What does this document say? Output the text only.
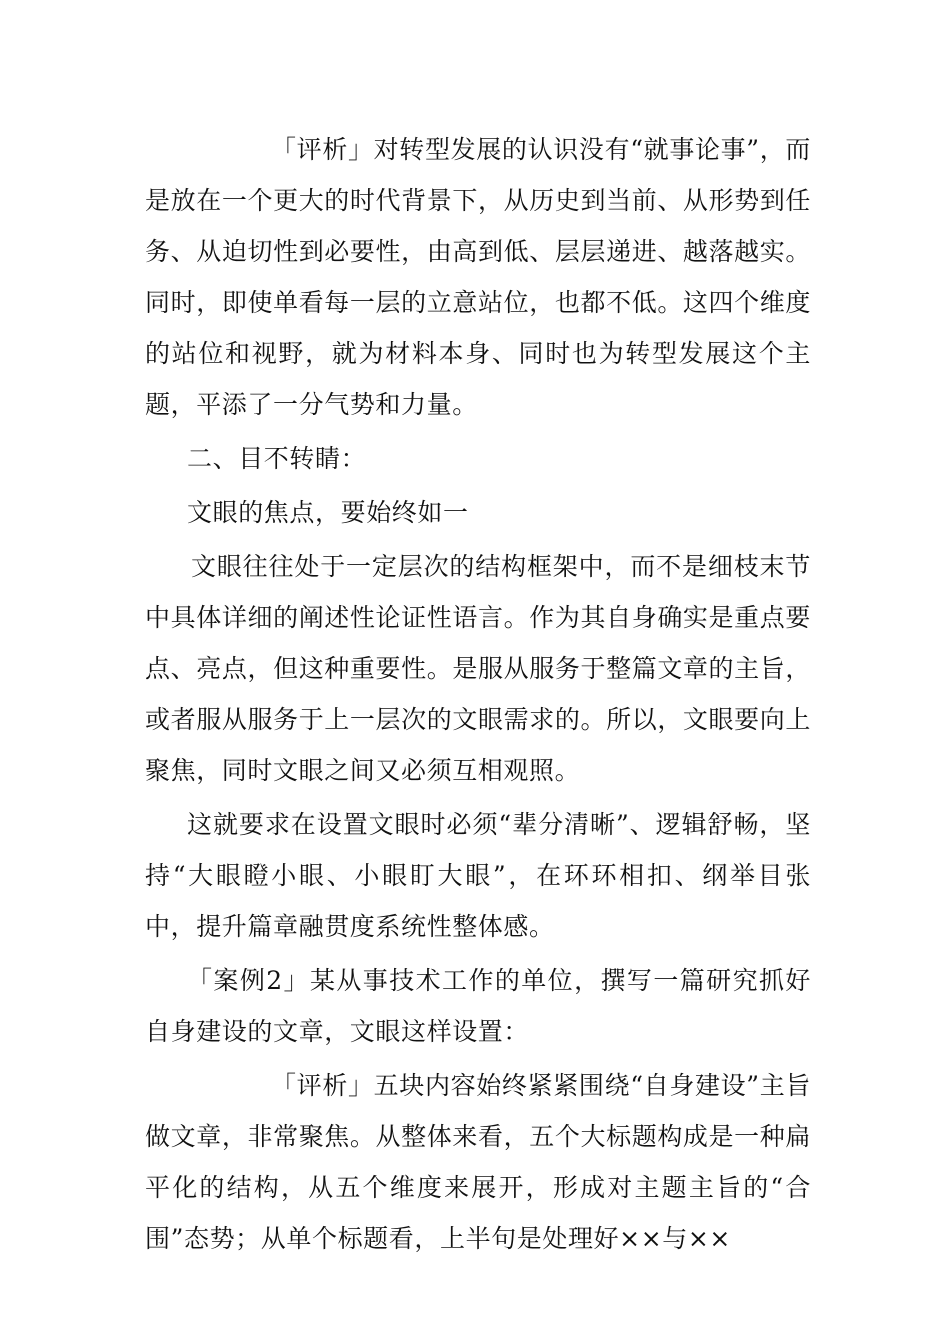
「评析」对转型发展的认识没有“就事论事”，而是放在一个更大的时代背景下，从历史到当前、从形势到任务、从迫切性到必要性，由高到低、层层递进、越落越实。同时，即使单看每一层的立意站位，也都不低。这四个维度的站位和视野，就为材料本身、同时也为转型发展这个主题，平添了一分气势和力量。

二、目不转睛：

文眼的焦点，要始终如一

文眼往往处于一定层次的结构框架中，而不是细枝末节中具体详细的阐述性论证性语言。作为其自身确实是重点要点、亮点，但这种重要性。是服从服务于整篇文章的主旨，或者服从服务于上一层次的文眼需求的。所以，文眼要向上聚焦，同时文眼之间又必须互相观照。

这就要求在设置文眼时必须“辈分清晰”、逻辑舒畅，坚持“大眼瞪小眼、小眼盯大眼”，在环环相扣、纲举目张中，提升篇章融贯度系统性整体感。

「案例2」某从事技术工作的单位，撰写一篇研究抓好自身建设的文章，文眼这样设置：

「评析」五块内容始终紧紧围绕“自身建设”主旨做文章，非常聚焦。从整体来看，五个大标题构成是一种扁平化的结构，从五个维度来展开，形成对主题主旨的“合围”态势；从单个标题看，上半句是处理好××与××
